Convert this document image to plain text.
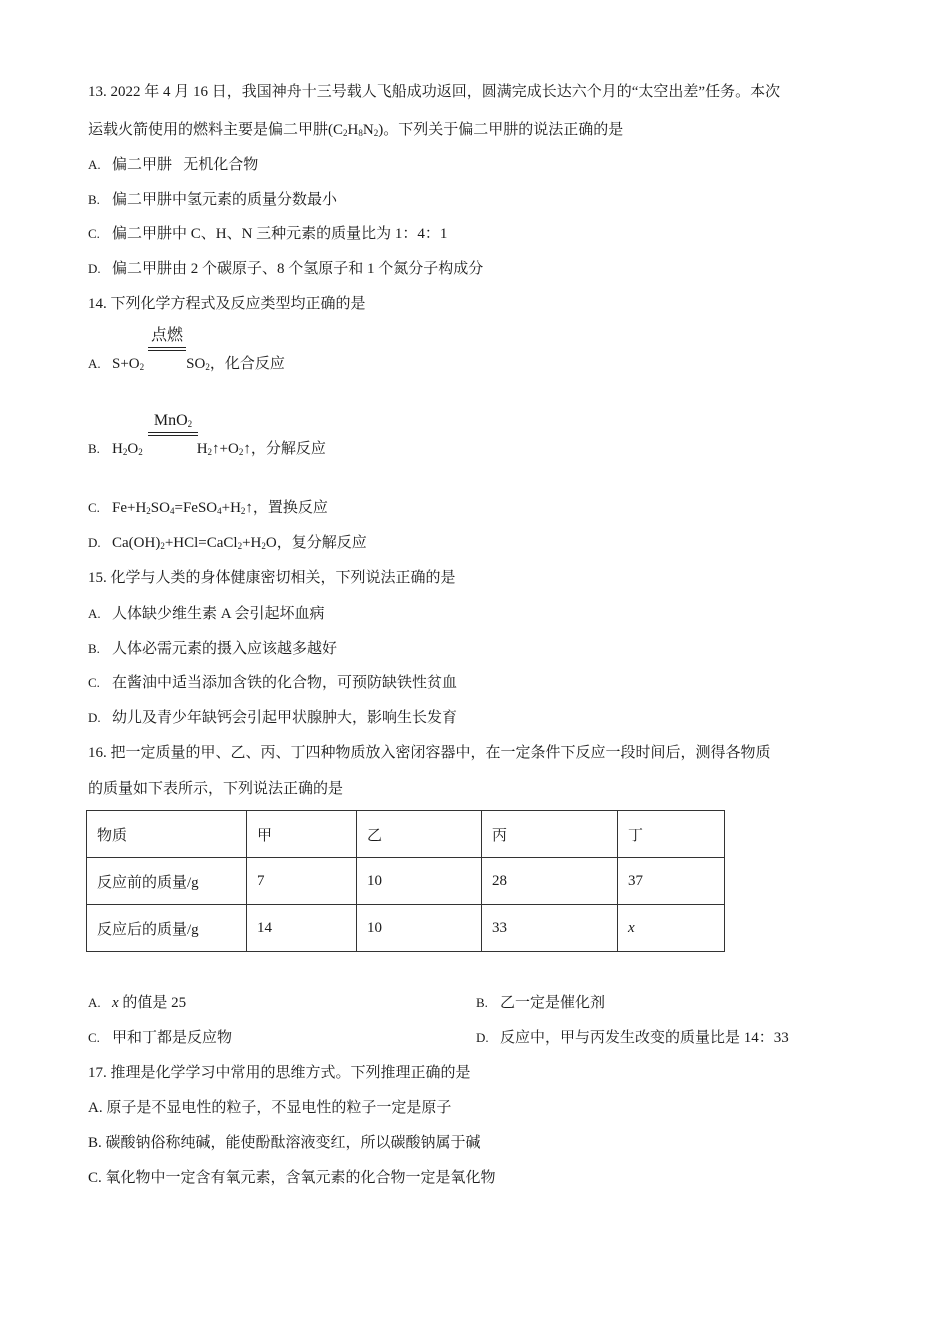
13. 2022 年 4 月 16 日，我国神舟十三号载人飞船成功返回，圆满完成长达六个月的“太空出差”任务。本次
运载火箭使用的燃料主要是偏二甲肼$(C_2H_8N_2)$。下列关于偏二甲肼的说法正确的是
A. 偏二甲肼   无机化合物
B. 偏二甲肼中氢元素的质量分数最小
C. 偏二甲肼中 C、H、N 三种元素的质量比为 1：4：1
D. 偏二甲肼由 2 个碳原子、8 个氢原子和 1 个氮分子构成分
14. 下列化学方程式及反应类型均正确的是
点燃
A. $S+O_2$	$SO_2$，化合反应
MnO$_2$
B. $H_2O_2$	$H_2↑+O_2↑$，分解反应
C. $Fe+H_2SO_4=FeSO_4+H_2↑$，置换反应
D. $Ca(OH)_2+HCl=CaCl_2+H_2O$，复分解反应
15. 化学与人类的身体健康密切相关，下列说法正确的是
A. 人体缺少维生素 A 会引起坏血病
B. 人体必需元素的摄入应该越多越好
C. 在酱油中适当添加含铁的化合物，可预防缺铁性贫血
D. 幼儿及青少年缺钙会引起甲状腺肿大，影响生长发育
16. 把一定质量的甲、乙、丙、丁四种物质放入密闭容器中，在一定条件下反应一段时间后，测得各物质
的质量如下表所示，下列说法正确的是
物质	甲	乙	丙	丁
反应前的质量/g	7	10	28	37
反应后的质量/g	14	10	33	x
A. x 的值是 25	B. 乙一定是催化剂
C. 甲和丁都是反应物	D. 反应中，甲与丙发生改变的质量比是 14：33
17. 推理是化学学习中常用的思维方式。下列推理正确的是
A. 原子是不显电性的粒子，不显电性的粒子一定是原子
B. 碳酸钠俗称纯碱，能使酚酞溶液变红，所以碳酸钠属于碱
C. 氧化物中一定含有氧元素，含氧元素的化合物一定是氧化物
